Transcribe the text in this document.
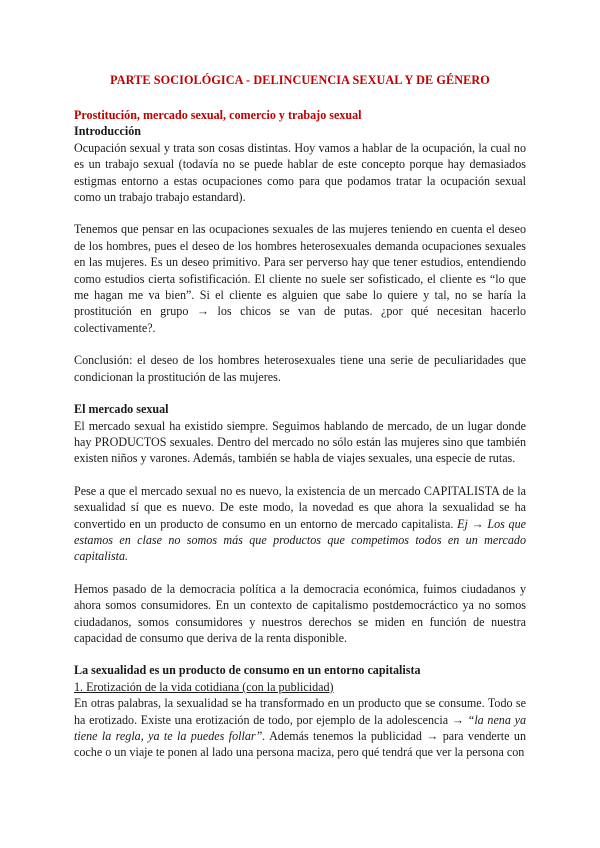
PARTE SOCIOLÓGICA - DELINCUENCIA SEXUAL Y DE GÉNERO

Prostitución, mercado sexual, comercio y trabajo sexual

Introducción

Ocupación sexual y trata son cosas distintas. Hoy vamos a hablar de la ocupación, la cual no es un trabajo sexual (todavía no se puede hablar de este concepto porque hay demasiados estigmas entorno a estas ocupaciones como para que podamos tratar la ocupación sexual como un trabajo trabajo estandard).

Tenemos que pensar en las ocupaciones sexuales de las mujeres teniendo en cuenta el deseo de los hombres, pues el deseo de los hombres heterosexuales demanda ocupaciones sexuales en las mujeres. Es un deseo primitivo. Para ser perverso hay que tener estudios, entendiendo como estudios cierta sofistificación. El cliente no suele ser sofisticado, el cliente es “lo que me hagan me va bien”. Si el cliente es alguien que sabe lo quiere y tal, no se haría la prostitución en grupo → los chicos se van de putas. ¿por qué necesitan hacerlo colectivamente?.

Conclusión: el deseo de los hombres heterosexuales tiene una serie de peculiaridades que condicionan la prostitución de las mujeres.

El mercado sexual

El mercado sexual ha existido siempre. Seguimos hablando de mercado, de un lugar donde hay PRODUCTOS sexuales. Dentro del mercado no sólo están las mujeres sino que también existen niños y varones. Además, también se habla de viajes sexuales, una especie de rutas.

Pese a que el mercado sexual no es nuevo, la existencia de un mercado CAPITALISTA de la sexualidad sí que es nuevo. De este modo, la novedad es que ahora la sexualidad se ha convertido en un producto de consumo en un entorno de mercado capitalista. Ej → Los que estamos en clase no somos más que productos que competimos todos en un mercado capitalista.

Hemos pasado de la democracia política a la democracia económica, fuimos ciudadanos y ahora somos consumidores. En un contexto de capitalismo postdemocráctico ya no somos ciudadanos, somos consumidores y nuestros derechos se miden en función de nuestra capacidad de consumo que deriva de la renta disponible.

La sexualidad es un producto de consumo en un entorno capitalista

1. Erotización de la vida cotidiana (con la publicidad)

En otras palabras, la sexualidad se ha transformado en un producto que se consume. Todo se ha erotizado. Existe una erotización de todo, por ejemplo de la adolescencia → “la nena ya tiene la regla, ya te la puedes follar”. Además tenemos la publicidad → para venderte un coche o un viaje te ponen al lado una persona maciza, pero qué tendrá que ver la persona con
